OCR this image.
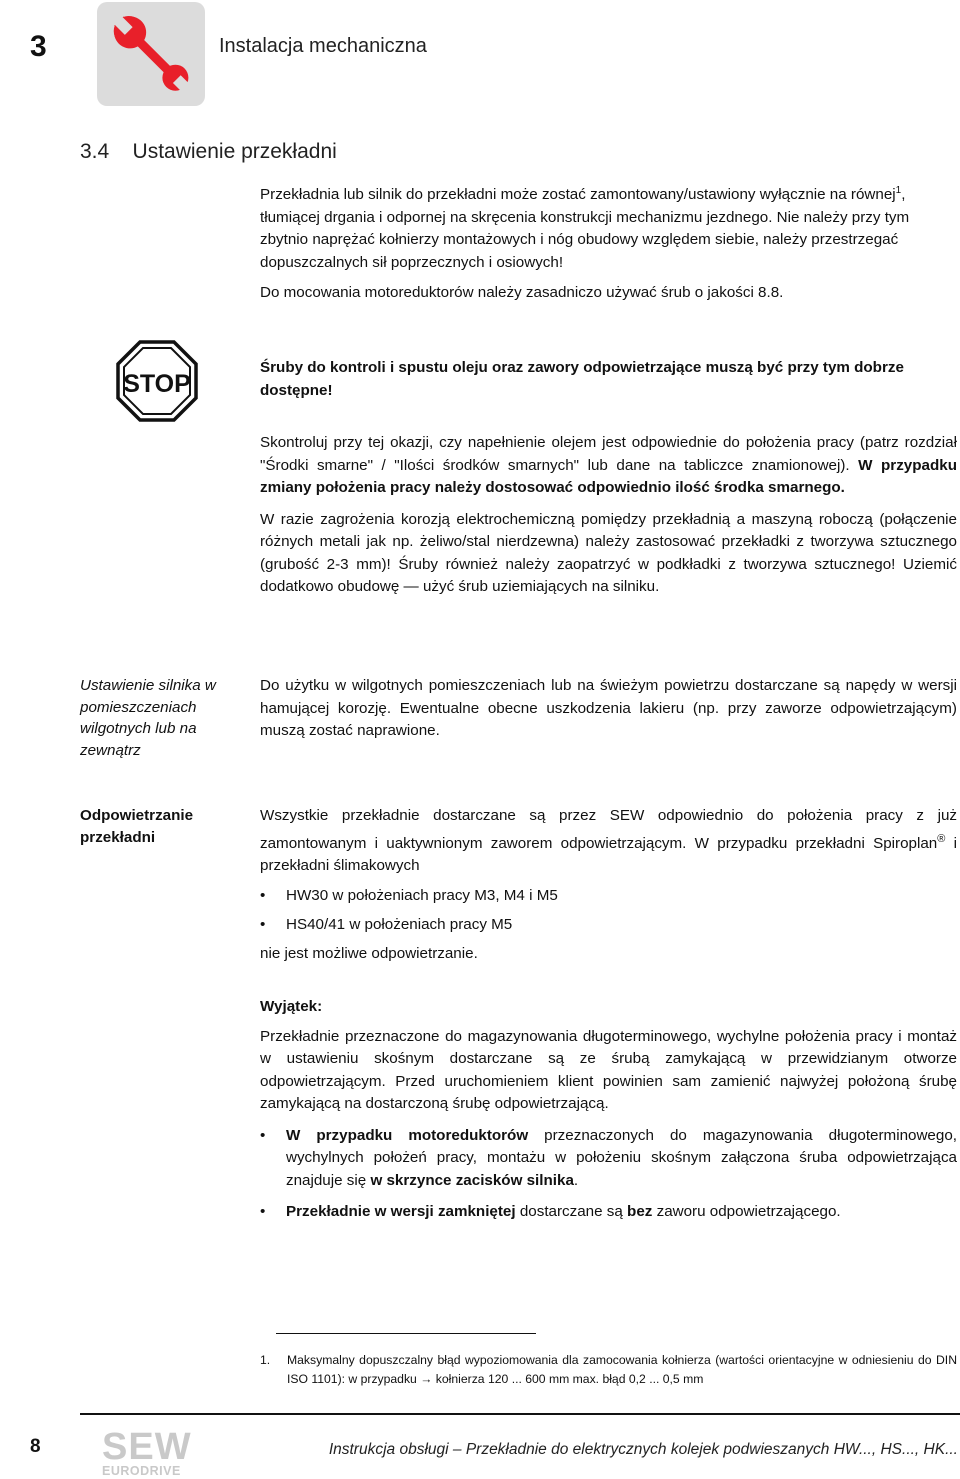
3	Instalacja mechaniczna
3.4    Ustawienie przekładni

Przekładnia lub silnik do przekładni może zostać zamontowany/ustawiony wyłącznie na równej$^1$, tłumiącej drgania i odpornej na skręcenia konstrukcji mechanizmu jezdnego. Nie należy przy tym zbytnio naprężać kołnierzy montażowych i nóg obudowy względem siebie, należy przestrzegać dopuszczalnych sił poprzecznych i osiowych!

Do mocowania motoreduktorów należy zasadniczo używać śrub o jakości 8.8.

STOP
Śruby do kontroli i spustu oleju oraz zawory odpowietrzające muszą być przy tym dobrze dostępne!

Skontroluj przy tej okazji, czy napełnienie olejem jest odpowiednie do położenia pracy (patrz rozdział "Środki smarne" / "Ilości środków smarnych" lub dane na tabliczce znamionowej). W przypadku zmiany położenia pracy należy dostosować odpowiednio ilość środka smarnego.

W razie zagrożenia korozją elektrochemiczną pomiędzy przekładnią a maszyną roboczą (połączenie różnych metali jak np. żeliwo/stal nierdzewna) należy zastosować przekładki z tworzywa sztucznego (grubość 2-3 mm)! Śruby również należy zaopatrzyć w podkładki z tworzywa sztucznego! Uziemić dodatkowo obudowę — użyć śrub uziemiających na silniku.

Ustawienie silnika w pomieszczeniach wilgotnych lub na zewnątrz
Do użytku w wilgotnych pomieszczeniach lub na świeżym powietrzu dostarczane są napędy w wersji hamującej korozję. Ewentualne obecne uszkodzenia lakieru (np. przy zaworze odpowietrzającym) muszą zostać naprawione.
Odpowietrzanie przekładni

Wszystkie przekładnie dostarczane są przez SEW odpowiednio do położenia pracy z już zamontowanym i uaktywnionym zaworem odpowietrzającym. W przypadku przekładni Spiroplan® i przekładni ślimakowych

• HW30 w położeniach pracy M3, M4 i M5
• HS40/41 w położeniach pracy M5

nie jest możliwe odpowietrzanie.

Wyjątek:

Przekładnie przeznaczone do magazynowania długoterminowego, wychylne położenia pracy i montaż w ustawieniu skośnym dostarczane są ze śrubą zamykającą w przewidzianym otworze odpowietrzającym. Przed uruchomieniem klient powinien sam zamienić najwyżej położoną śrubę zamykającą na dostarczoną śrubę odpowietrzającą.

• W przypadku motoreduktorów przeznaczonych do magazynowania długoterminowego, wychylnych położeń pracy, montażu w położeniu skośnym załączona śruba odpowietrzająca znajduje się w skrzynce zacisków silnika.
• Przekładnie w wersji zamkniętej dostarczane są bez zaworu odpowietrzającego.
1. Maksymalny dopuszczalny błąd wypoziomowania dla zamocowania kołnierza (wartości orientacyjne w odniesieniu do DIN ISO 1101): w przypadku → kołnierza 120 ... 600 mm max. błąd 0,2 ... 0,5 mm
8 SEW
EURODRIVE
Instrukcja obsługi – Przekładnie do elektrycznych kolejek podwieszanych HW..., HS..., HK...
